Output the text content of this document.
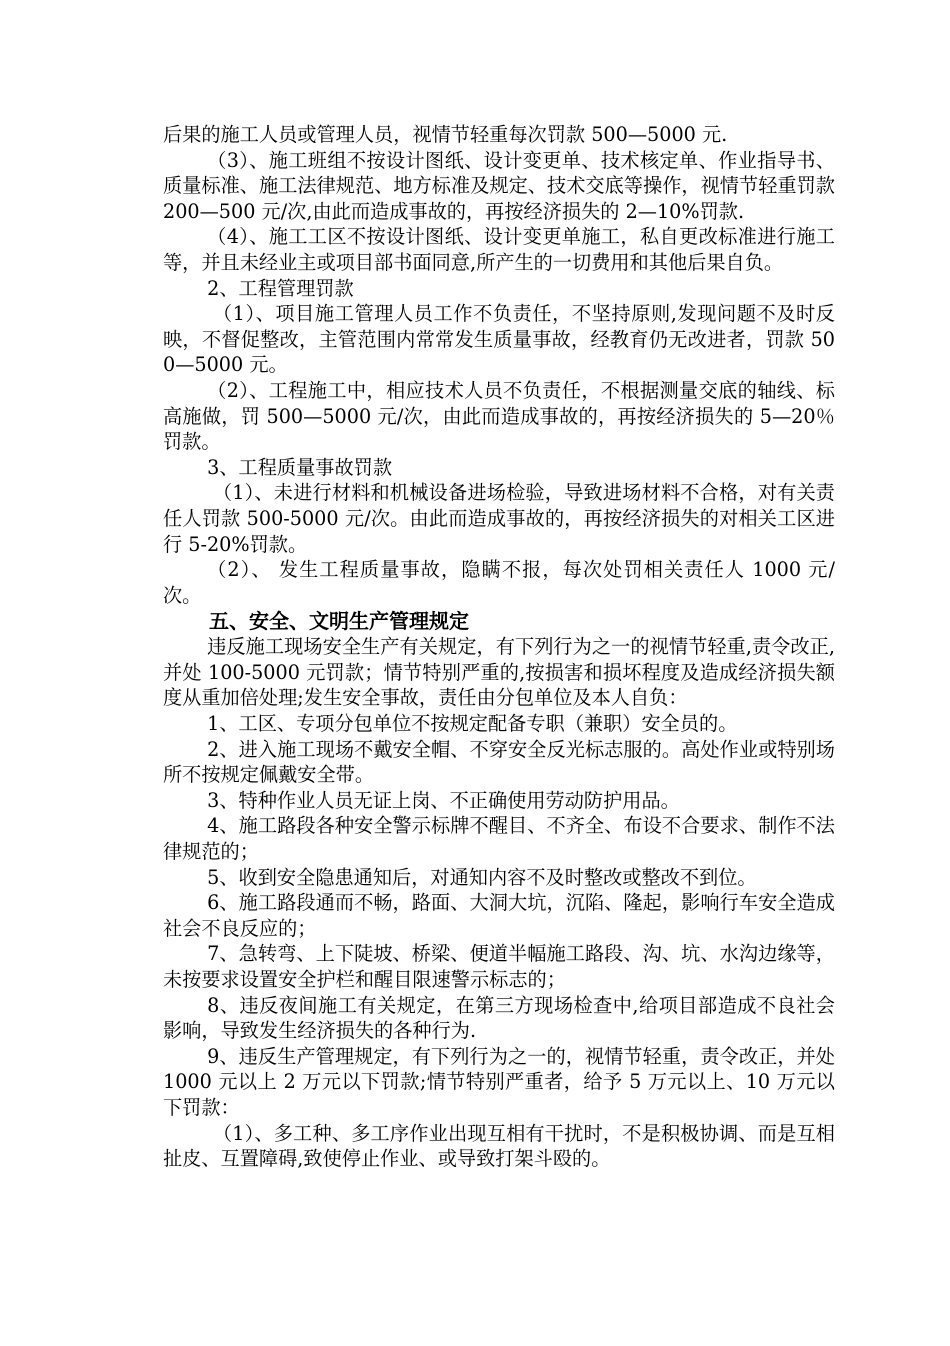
后果的施工人员或管理人员，视情节轻重每次罚款 500—5000 元.

（3）、施工班组不按设计图纸、设计变更单、技术核定单、作业指导书、质量标准、施工法律规范、地方标准及规定、技术交底等操作，视情节轻重罚款 200—500 元/次,由此而造成事故的，再按经济损失的 2—10%罚款.

（4）、施工工区不按设计图纸、设计变更单施工，私自更改标准进行施工等，并且未经业主或项目部书面同意,所产生的一切费用和其他后果自负。

2、工程管理罚款

（1）、项目施工管理人员工作不负责任，不坚持原则,发现问题不及时反映，不督促整改，主管范围内常常发生质量事故，经教育仍无改进者，罚款 500—5000 元。

（2）、工程施工中，相应技术人员不负责任，不根据测量交底的轴线、标高施做，罚 500—5000 元/次，由此而造成事故的，再按经济损失的 5—20％罚款。

3、工程质量事故罚款

（1）、未进行材料和机械设备进场检验，导致进场材料不合格，对有关责任人罚款 500-5000 元/次。由此而造成事故的，再按经济损失的对相关工区进行 5-20%罚款。

（2）、 发生工程质量事故，隐瞒不报，每次处罚相关责任人 1000 元/次。

五、安全、文明生产管理规定

违反施工现场安全生产有关规定，有下列行为之一的视情节轻重,责令改正,并处 100-5000 元罚款；情节特别严重的,按损害和损坏程度及造成经济损失额度从重加倍处理;发生安全事故，责任由分包单位及本人自负：

1、工区、专项分包单位不按规定配备专职（兼职）安全员的。

2、进入施工现场不戴安全帽、不穿安全反光标志服的。高处作业或特别场所不按规定佩戴安全带。

3、特种作业人员无证上岗、不正确使用劳动防护用品。

4、施工路段各种安全警示标牌不醒目、不齐全、布设不合要求、制作不法律规范的；

5、收到安全隐患通知后，对通知内容不及时整改或整改不到位。

6、施工路段通而不畅，路面、大洞大坑，沉陷、隆起，影响行车安全造成社会不良反应的；

7、急转弯、上下陡坡、桥梁、便道半幅施工路段、沟、坑、水沟边缘等，未按要求设置安全护栏和醒目限速警示标志的；

8、违反夜间施工有关规定，在第三方现场检查中,给项目部造成不良社会影响，导致发生经济损失的各种行为.

9、违反生产管理规定，有下列行为之一的，视情节轻重，责令改正，并处 1000 元以上 2 万元以下罚款;情节特别严重者，给予 5 万元以上、10 万元以下罚款：

（1）、多工种、多工序作业出现互相有干扰时，不是积极协调、而是互相扯皮、互置障碍,致使停止作业、或导致打架斗殴的。
